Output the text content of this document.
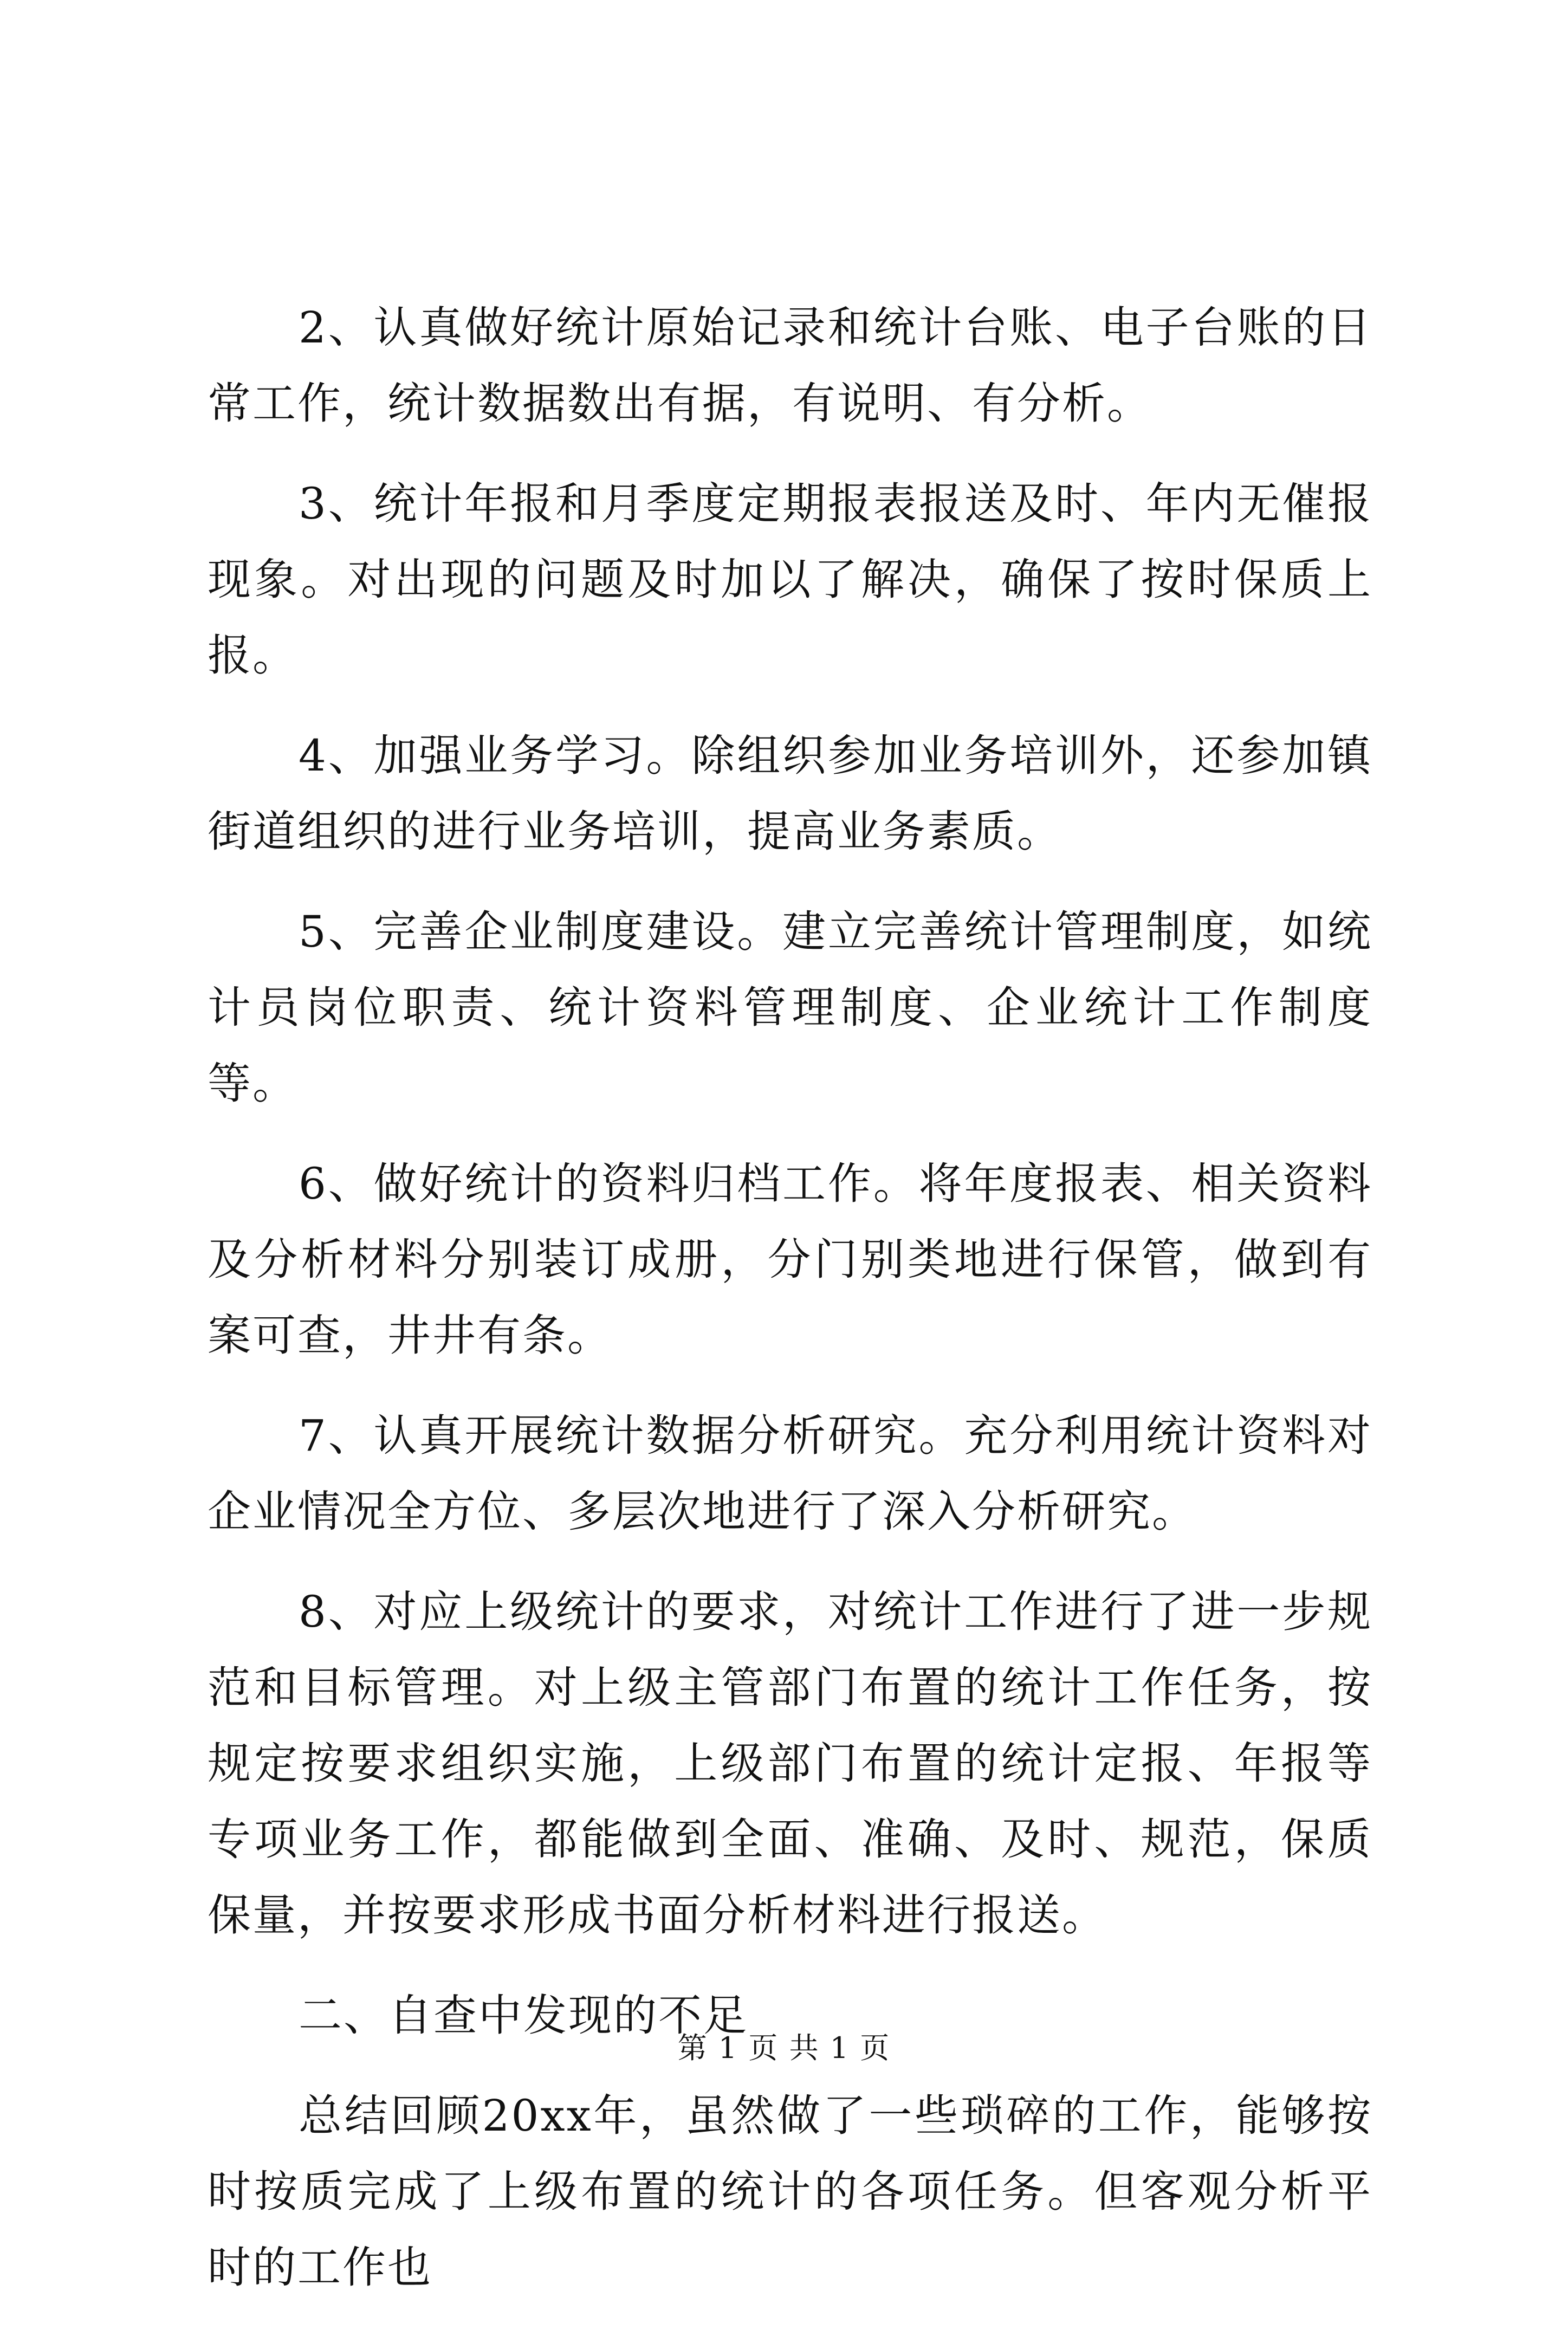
2、认真做好统计原始记录和统计台账、电子台账的日常工作，统计数据数出有据，有说明、有分析。

3、统计年报和月季度定期报表报送及时、年内无催报现象。对出现的问题及时加以了解决，确保了按时保质上报。

4、加强业务学习。除组织参加业务培训外，还参加镇街道组织的进行业务培训，提高业务素质。

5、完善企业制度建设。建立完善统计管理制度，如统计员岗位职责、统计资料管理制度、企业统计工作制度等。

6、做好统计的资料归档工作。将年度报表、相关资料及分析材料分别装订成册，分门别类地进行保管，做到有案可查，井井有条。

7、认真开展统计数据分析研究。充分利用统计资料对企业情况全方位、多层次地进行了深入分析研究。

8、对应上级统计的要求，对统计工作进行了进一步规范和目标管理。对上级主管部门布置的统计工作任务，按规定按要求组织实施，上级部门布置的统计定报、年报等专项业务工作，都能做到全面、准确、及时、规范，保质保量，并按要求形成书面分析材料进行报送。

二、自查中发现的不足

总结回顾20xx年，虽然做了一些琐碎的工作，能够按时按质完成了上级布置的统计的各项任务。但客观分析平时的工作也

第 1 页 共 1 页
